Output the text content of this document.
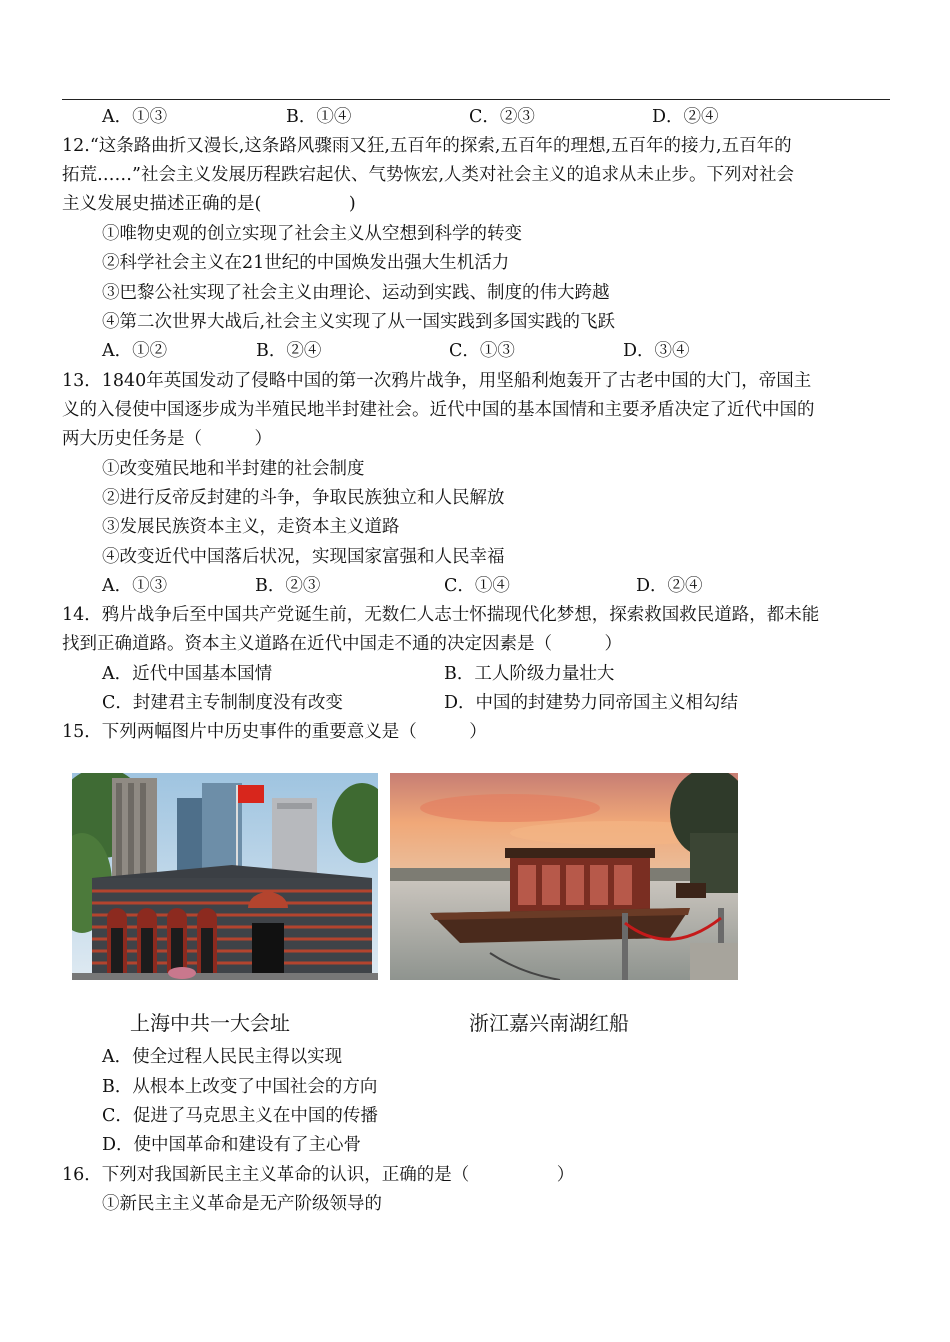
A．①③	B．①④	C．②③	D．②④
12.“这条路曲折又漫长,这条路风骤雨又狂,五百年的探索,五百年的理想,五百年的接力,五百年的
拓荒……”社会主义发展历程跌宕起伏、气势恢宏,人类对社会主义的追求从未止步。下列对社会
主义发展史描述正确的是(　　　　　)
①唯物史观的创立实现了社会主义从空想到科学的转变
②科学社会主义在21世纪的中国焕发出强大生机活力
③巴黎公社实现了社会主义由理论、运动到实践、制度的伟大跨越
④第二次世界大战后,社会主义实现了从一国实践到多国实践的飞跃
A．①②	B．②④	C．①③	D．③④
13．1840年英国发动了侵略中国的第一次鸦片战争，用坚船利炮轰开了古老中国的大门，帝国主
义的入侵使中国逐步成为半殖民地半封建社会。近代中国的基本国情和主要矛盾决定了近代中国的
两大历史任务是（　　　）
①改变殖民地和半封建的社会制度
②进行反帝反封建的斗争，争取民族独立和人民解放
③发展民族资本主义，走资本主义道路
④改变近代中国落后状况，实现国家富强和人民幸福
A．①③	B．②③	C．①④	D．②④
14．鸦片战争后至中国共产党诞生前，无数仁人志士怀揣现代化梦想，探索救国救民道路，都未能
找到正确道路。资本主义道路在近代中国走不通的决定因素是（　　　）
A．近代中国基本国情	B．工人阶级力量壮大
C．封建君主专制制度没有改变	D．中国的封建势力同帝国主义相勾结
15．下列两幅图片中历史事件的重要意义是（　　　）
上海中共一大会址	浙江嘉兴南湖红船
A．使全过程人民民主得以实现
B．从根本上改变了中国社会的方向
C．促进了马克思主义在中国的传播
D．使中国革命和建设有了主心骨
16．下列对我国新民主主义革命的认识，正确的是（　　　　　）
①新民主主义革命是无产阶级领导的
